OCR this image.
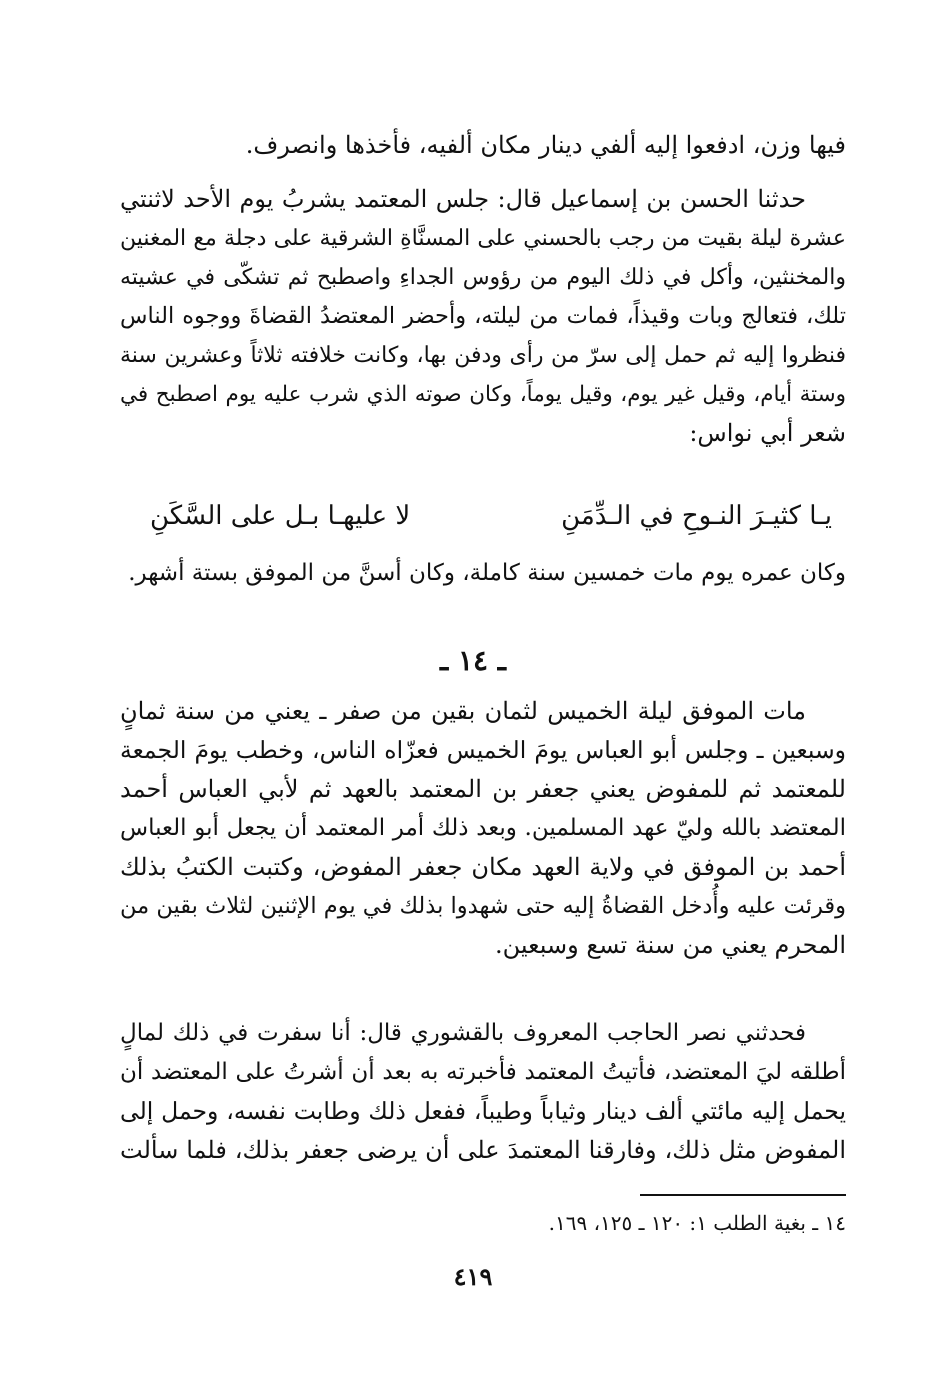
فيها وزن، ادفعوا إليه ألفي دينار مكان ألفيه، فأخذها وانصرف.
حدثنا الحسن بن إسماعيل قال: جلس المعتمد يشربُ يوم الأحد لاثنتي
عشرة ليلة بقيت من رجب بالحسني على المسنَّاةِ الشرقية على دجلة مع المغنين
والمخنثين، وأكل في ذلك اليوم من رؤوس الجداءِ واصطبح ثم تشكّى في عشيته
تلك، فتعالج وبات وقيذاً، فمات من ليلته، وأحضر المعتضدُ القضاةَ ووجوه الناس
فنظروا إليه ثم حمل إلى سرّ من رأى ودفن بها، وكانت خلافته ثلاثاً وعشرين سنة
وستة أيام، وقيل غير يوم، وقيل يوماً، وكان صوته الذي شرب عليه يوم اصطبح في
شعر أبي نواس:
يـا كثيـرَ النـوحِ في الـدِّمَنِ
لا عليهـا بـل على السَّكَنِ
وكان عمره يوم مات خمسين سنة كاملة، وكان أسنَّ من الموفق بستة أشهر.
ـ ١٤ ـ
مات الموفق ليلة الخميس لثمان بقين من صفر ـ يعني من سنة ثمانٍ
وسبعين ـ وجلس أبو العباس يومَ الخميس فعزّاه الناس، وخطب يومَ الجمعة
للمعتمد ثم للمفوض يعني جعفر بن المعتمد بالعهد ثم لأبي العباس أحمد
المعتضد بالله وليّ عهد المسلمين. وبعد ذلك أمر المعتمد أن يجعل أبو العباس
أحمد بن الموفق في ولاية العهد مكان جعفر المفوض، وكتبت الكتبُ بذلك
وقرئت عليه وأُدخل القضاةُ إليه حتى شهدوا بذلك في يوم الإثنين لثلاث بقين من
المحرم يعني من سنة تسع وسبعين.
فحدثني نصر الحاجب المعروف بالقشوري قال: أنا سفرت في ذلك لمالٍ
أطلقه ليَ المعتضد، فأتيتُ المعتمد فأخبرته به بعد أن أشرتُ على المعتضد أن
يحمل إليه مائتي ألف دينار وثياباً وطيباً، ففعل ذلك وطابت نفسه، وحمل إلى
المفوض مثل ذلك، وفارقنا المعتمدَ على أن يرضى جعفر بذلك، فلما سألت
١٤ ـ بغية الطلب ١: ١٢٠ ـ ١٢٥، ١٦٩.
٤١٩
